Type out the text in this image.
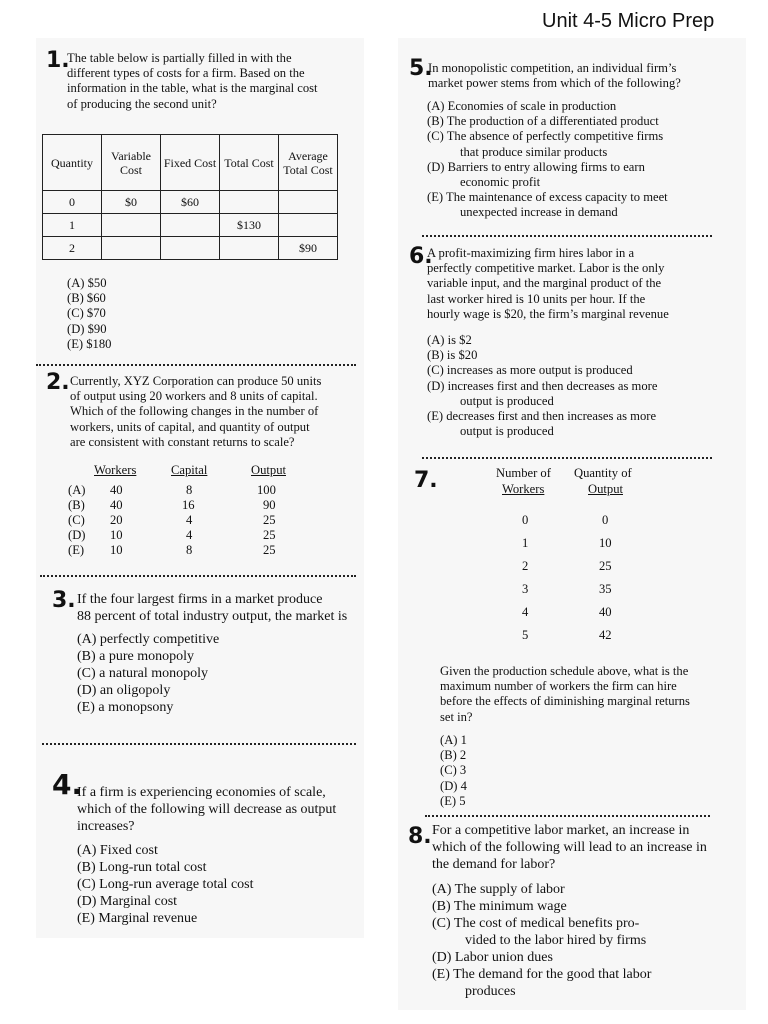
Unit 4-5 Micro Prep
1.
The table below is partially filled in with the
different types of costs for a firm. Based on the
information in the table, what is the marginal cost
of producing the second unit?
Quantity	Variable Cost	Fixed Cost	Total Cost	Average Total Cost
0	$0	$60		
1			$130	
2				$90
(A) $50
(B) $60
(C) $70
(D) $90
(E) $180
2. Currently, XYZ Corporation can produce 50 units
of output using 20 workers and 8 units of capital.
Which of the following changes in the number of
workers, units of capital, and quantity of output
are consistent with constant returns to scale?
Workers	Capital	Output
(A) 40	8	100
(B) 40	16	90
(C) 20	4	25
(D) 10	4	25
(E) 10	8	25
3. If the four largest firms in a market produce
88 percent of total industry output, the market is
(A) perfectly competitive
(B) a pure monopoly
(C) a natural monopoly
(D) an oligopoly
(E) a monopsony
4.
If a firm is experiencing economies of scale,
which of the following will decrease as output
increases?
(A) Fixed cost
(B) Long-run total cost
(C) Long-run average total cost
(D) Marginal cost
(E) Marginal revenue
5.
In monopolistic competition, an individual firm’s
market power stems from which of the following?
(A) Economies of scale in production
(B) The production of a differentiated product
(C) The absence of perfectly competitive firms
that produce similar products
(D) Barriers to entry allowing firms to earn
economic profit
(E) The maintenance of excess capacity to meet
unexpected increase in demand
6.
A profit-maximizing firm hires labor in a
perfectly competitive market. Labor is the only
variable input, and the marginal product of the
last worker hired is 10 units per hour. If the
hourly wage is $20, the firm’s marginal revenue
(A) is $2
(B) is $20
(C) increases as more output is produced
(D) increases first and then decreases as more
output is produced
(E) decreases first and then increases as more
output is produced
7.	Number of
Workers
Quantity of
Output
0	0
1	10
2	25
3	35
4	40
5	42
Given the production schedule above, what is the
maximum number of workers the firm can hire
before the effects of diminishing marginal returns
set in?
(A) 1
(B) 2
(C) 3
(D) 4
(E) 5
8. For a competitive labor market, an increase in
which of the following will lead to an increase in
the demand for labor?
(A) The supply of labor
(B) The minimum wage
(C) The cost of medical benefits pro-
vided to the labor hired by firms
(D) Labor union dues
(E) The demand for the good that labor
produces
